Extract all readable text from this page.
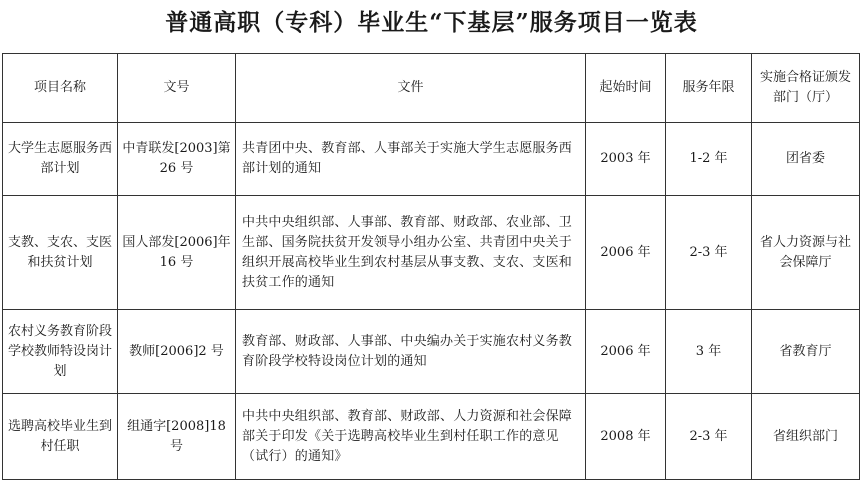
普通高职（专科）毕业生“下基层”服务项目一览表
项目名称	文号	文件	起始时间	服务年限	实施合格证颁发部门（厅）
大学生志愿服务西部计划	中青联发[2003]第 26 号	共青团中央、教育部、人事部关于实施大学生志愿服务西部计划的通知	2003 年	1-2 年	团省委
支教、支农、支医和扶贫计划	国人部发[2006]年 16 号	中共中央组织部、人事部、教育部、财政部、农业部、卫生部、国务院扶贫开发领导小组办公室、共青团中央关于组织开展高校毕业生到农村基层从事支教、支农、支医和扶贫工作的通知	2006 年	2-3 年	省人力资源与社会保障厅
农村义务教育阶段学校教师特设岗计划	教师[2006]2 号	教育部、财政部、人事部、中央编办关于实施农村义务教育阶段学校特设岗位计划的通知	2006 年	3 年	省教育厅
选聘高校毕业生到村任职	组通字[2008]18 号	中共中央组织部、教育部、财政部、人力资源和社会保障部关于印发《关于选聘高校毕业生到村任职工作的意见（试行）的通知》	2008 年	2-3 年	省组织部门
